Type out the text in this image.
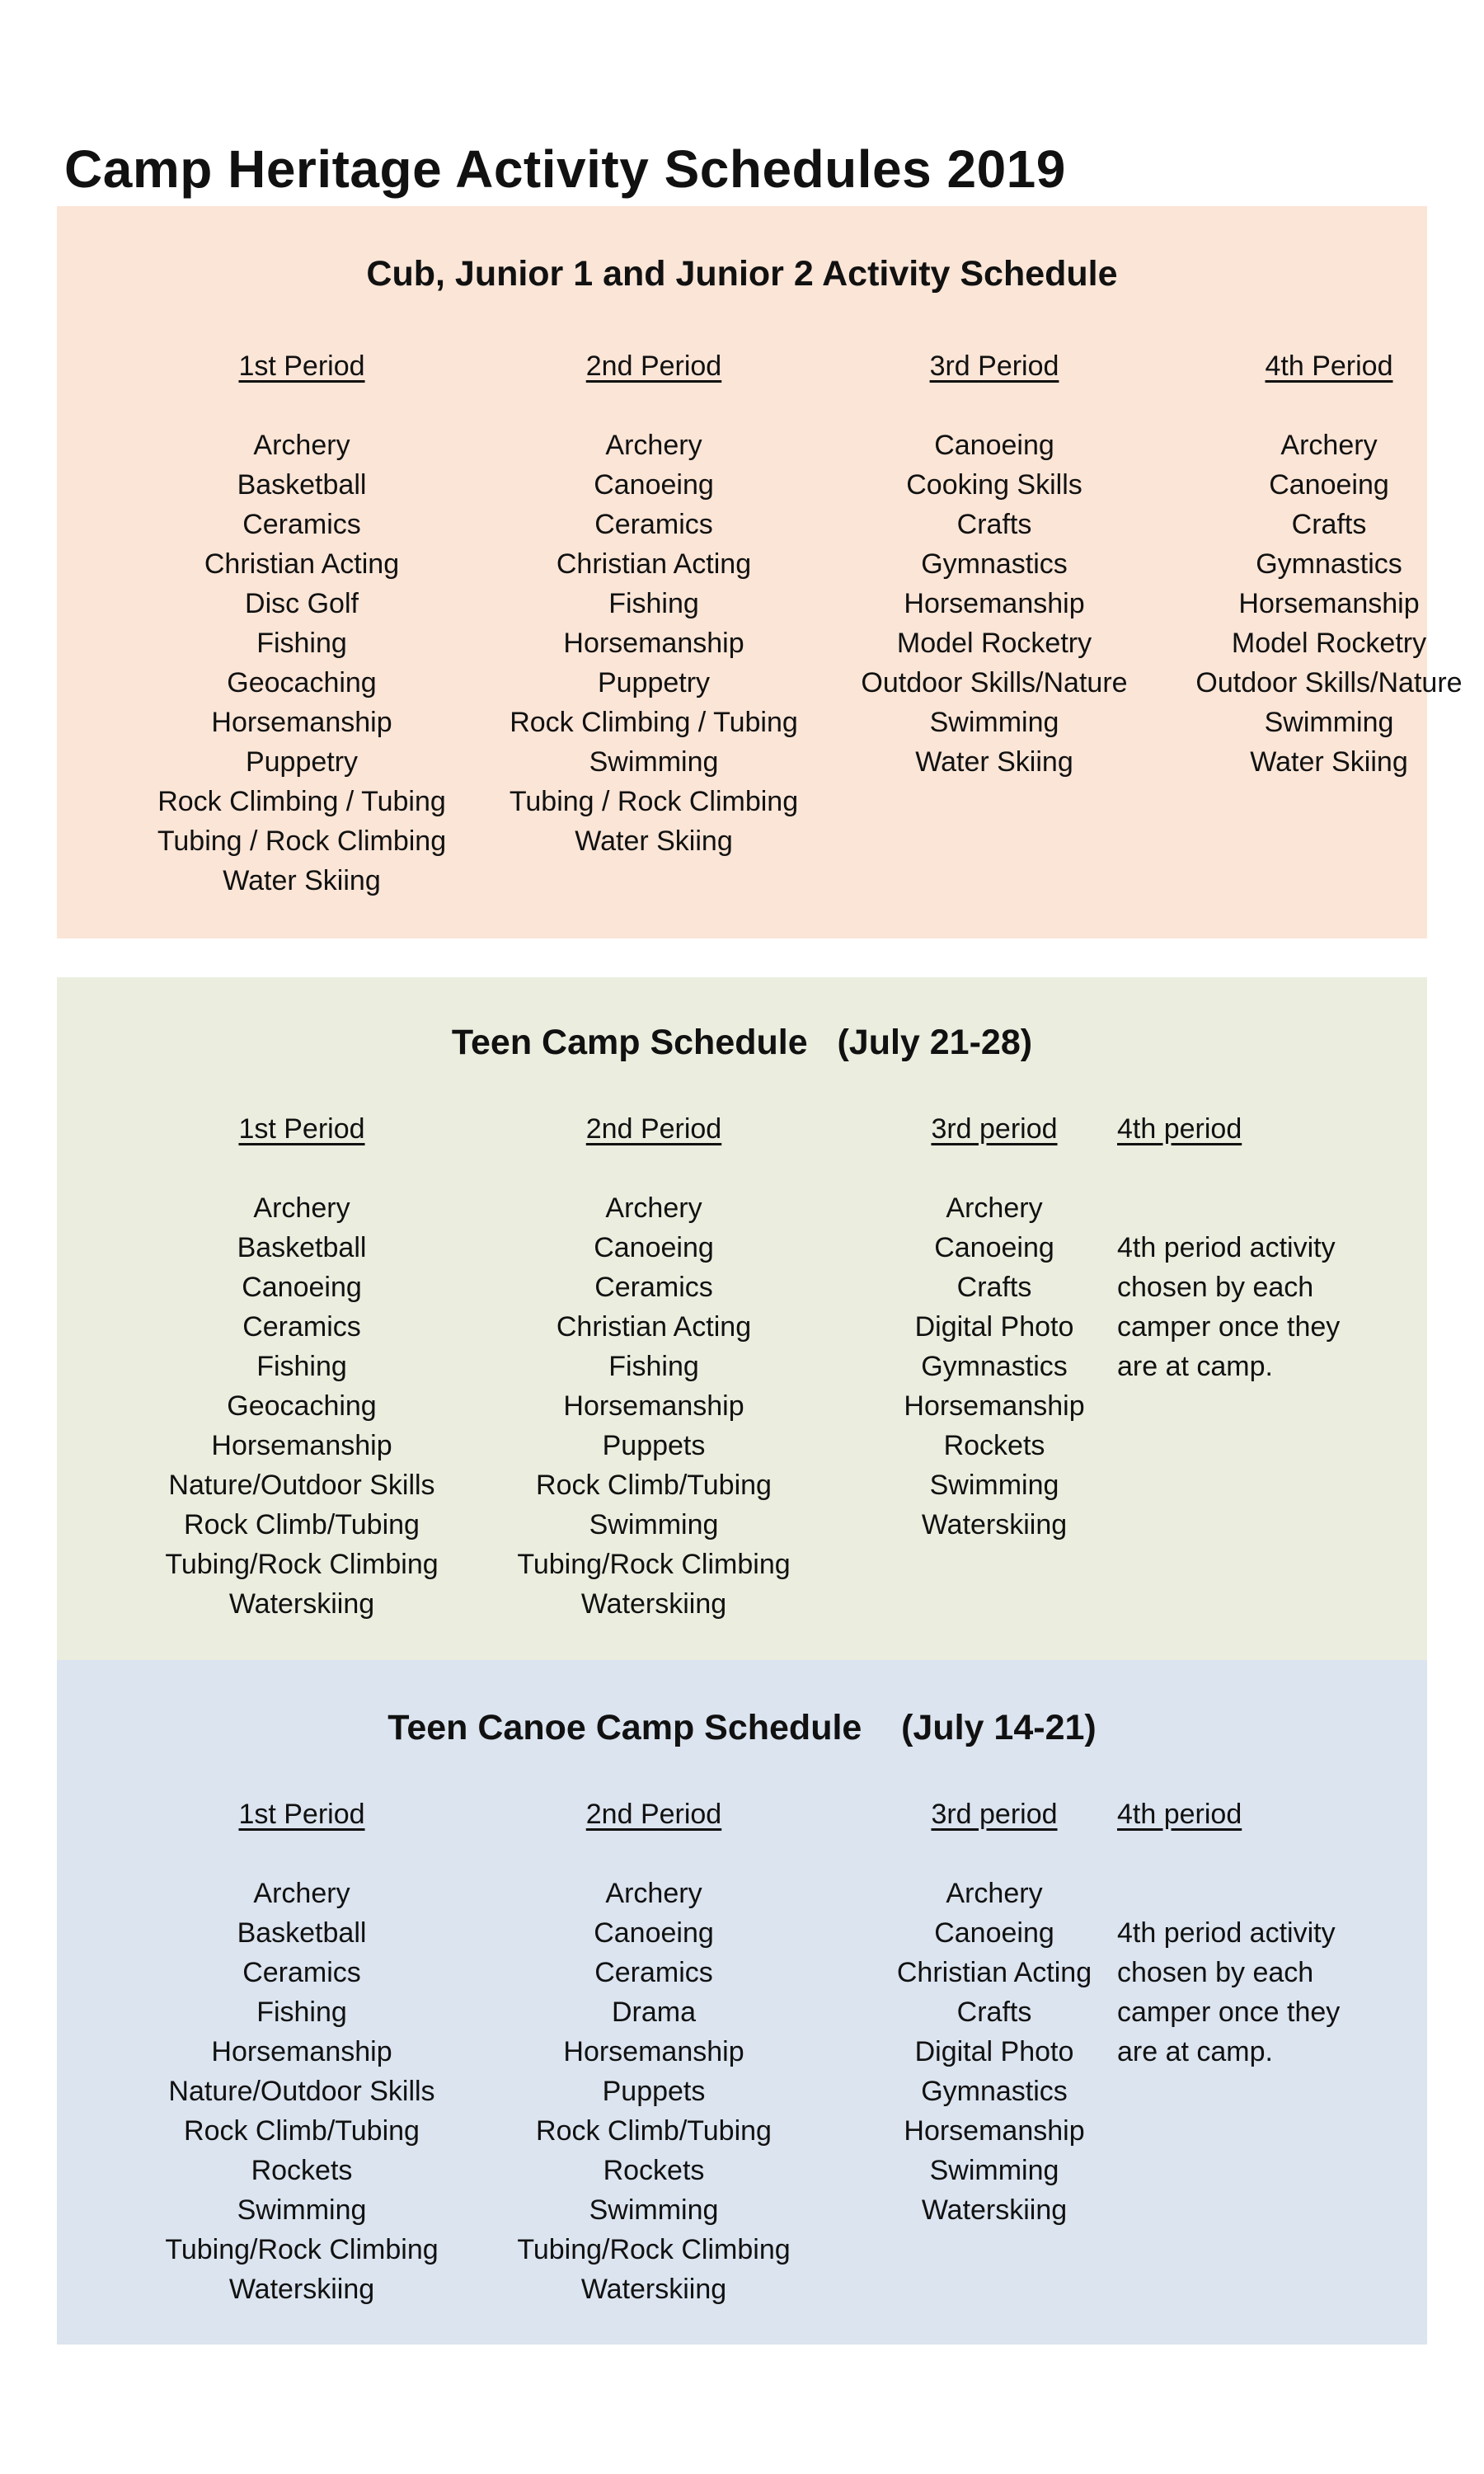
Camp Heritage Activity Schedules 2019
Cub, Junior 1 and Junior 2 Activity Schedule
1st Period
Archery
Basketball
Ceramics
Christian Acting
Disc Golf
Fishing
Geocaching
Horsemanship
Puppetry
Rock Climbing / Tubing
Tubing / Rock Climbing
Water Skiing
2nd Period
Archery
Canoeing
Ceramics
Christian Acting
Fishing
Horsemanship
Puppetry
Rock Climbing / Tubing
Swimming
Tubing / Rock Climbing
Water Skiing
3rd Period
Canoeing
Cooking Skills
Crafts
Gymnastics
Horsemanship
Model Rocketry
Outdoor Skills/Nature
Swimming
Water Skiing
4th Period
Archery
Canoeing
Crafts
Gymnastics
Horsemanship
Model Rocketry
Outdoor Skills/Nature
Swimming
Water Skiing
Teen Camp Schedule   (July 21-28)
1st Period
Archery
Basketball
Canoeing
Ceramics
Fishing
Geocaching
Horsemanship
Nature/Outdoor Skills
Rock Climb/Tubing
Tubing/Rock Climbing
Waterskiing
2nd Period
Archery
Canoeing
Ceramics
Christian Acting
Fishing
Horsemanship
Puppets
Rock Climb/Tubing
Swimming
Tubing/Rock Climbing
Waterskiing
3rd period
Archery
Canoeing
Crafts
Digital Photo
Gymnastics
Horsemanship
Rockets
Swimming
Waterskiing
4th period
4th period activity chosen by each camper once they are at camp.
Teen Canoe Camp Schedule    (July 14-21)
1st Period
Archery
Basketball
Ceramics
Fishing
Horsemanship
Nature/Outdoor Skills
Rock Climb/Tubing
Rockets
Swimming
Tubing/Rock Climbing
Waterskiing
2nd Period
Archery
Canoeing
Ceramics
Drama
Horsemanship
Puppets
Rock Climb/Tubing
Rockets
Swimming
Tubing/Rock Climbing
Waterskiing
3rd period
Archery
Canoeing
Christian Acting
Crafts
Digital Photo
Gymnastics
Horsemanship
Swimming
Waterskiing
4th period
4th period activity chosen by each camper once they are at camp.
